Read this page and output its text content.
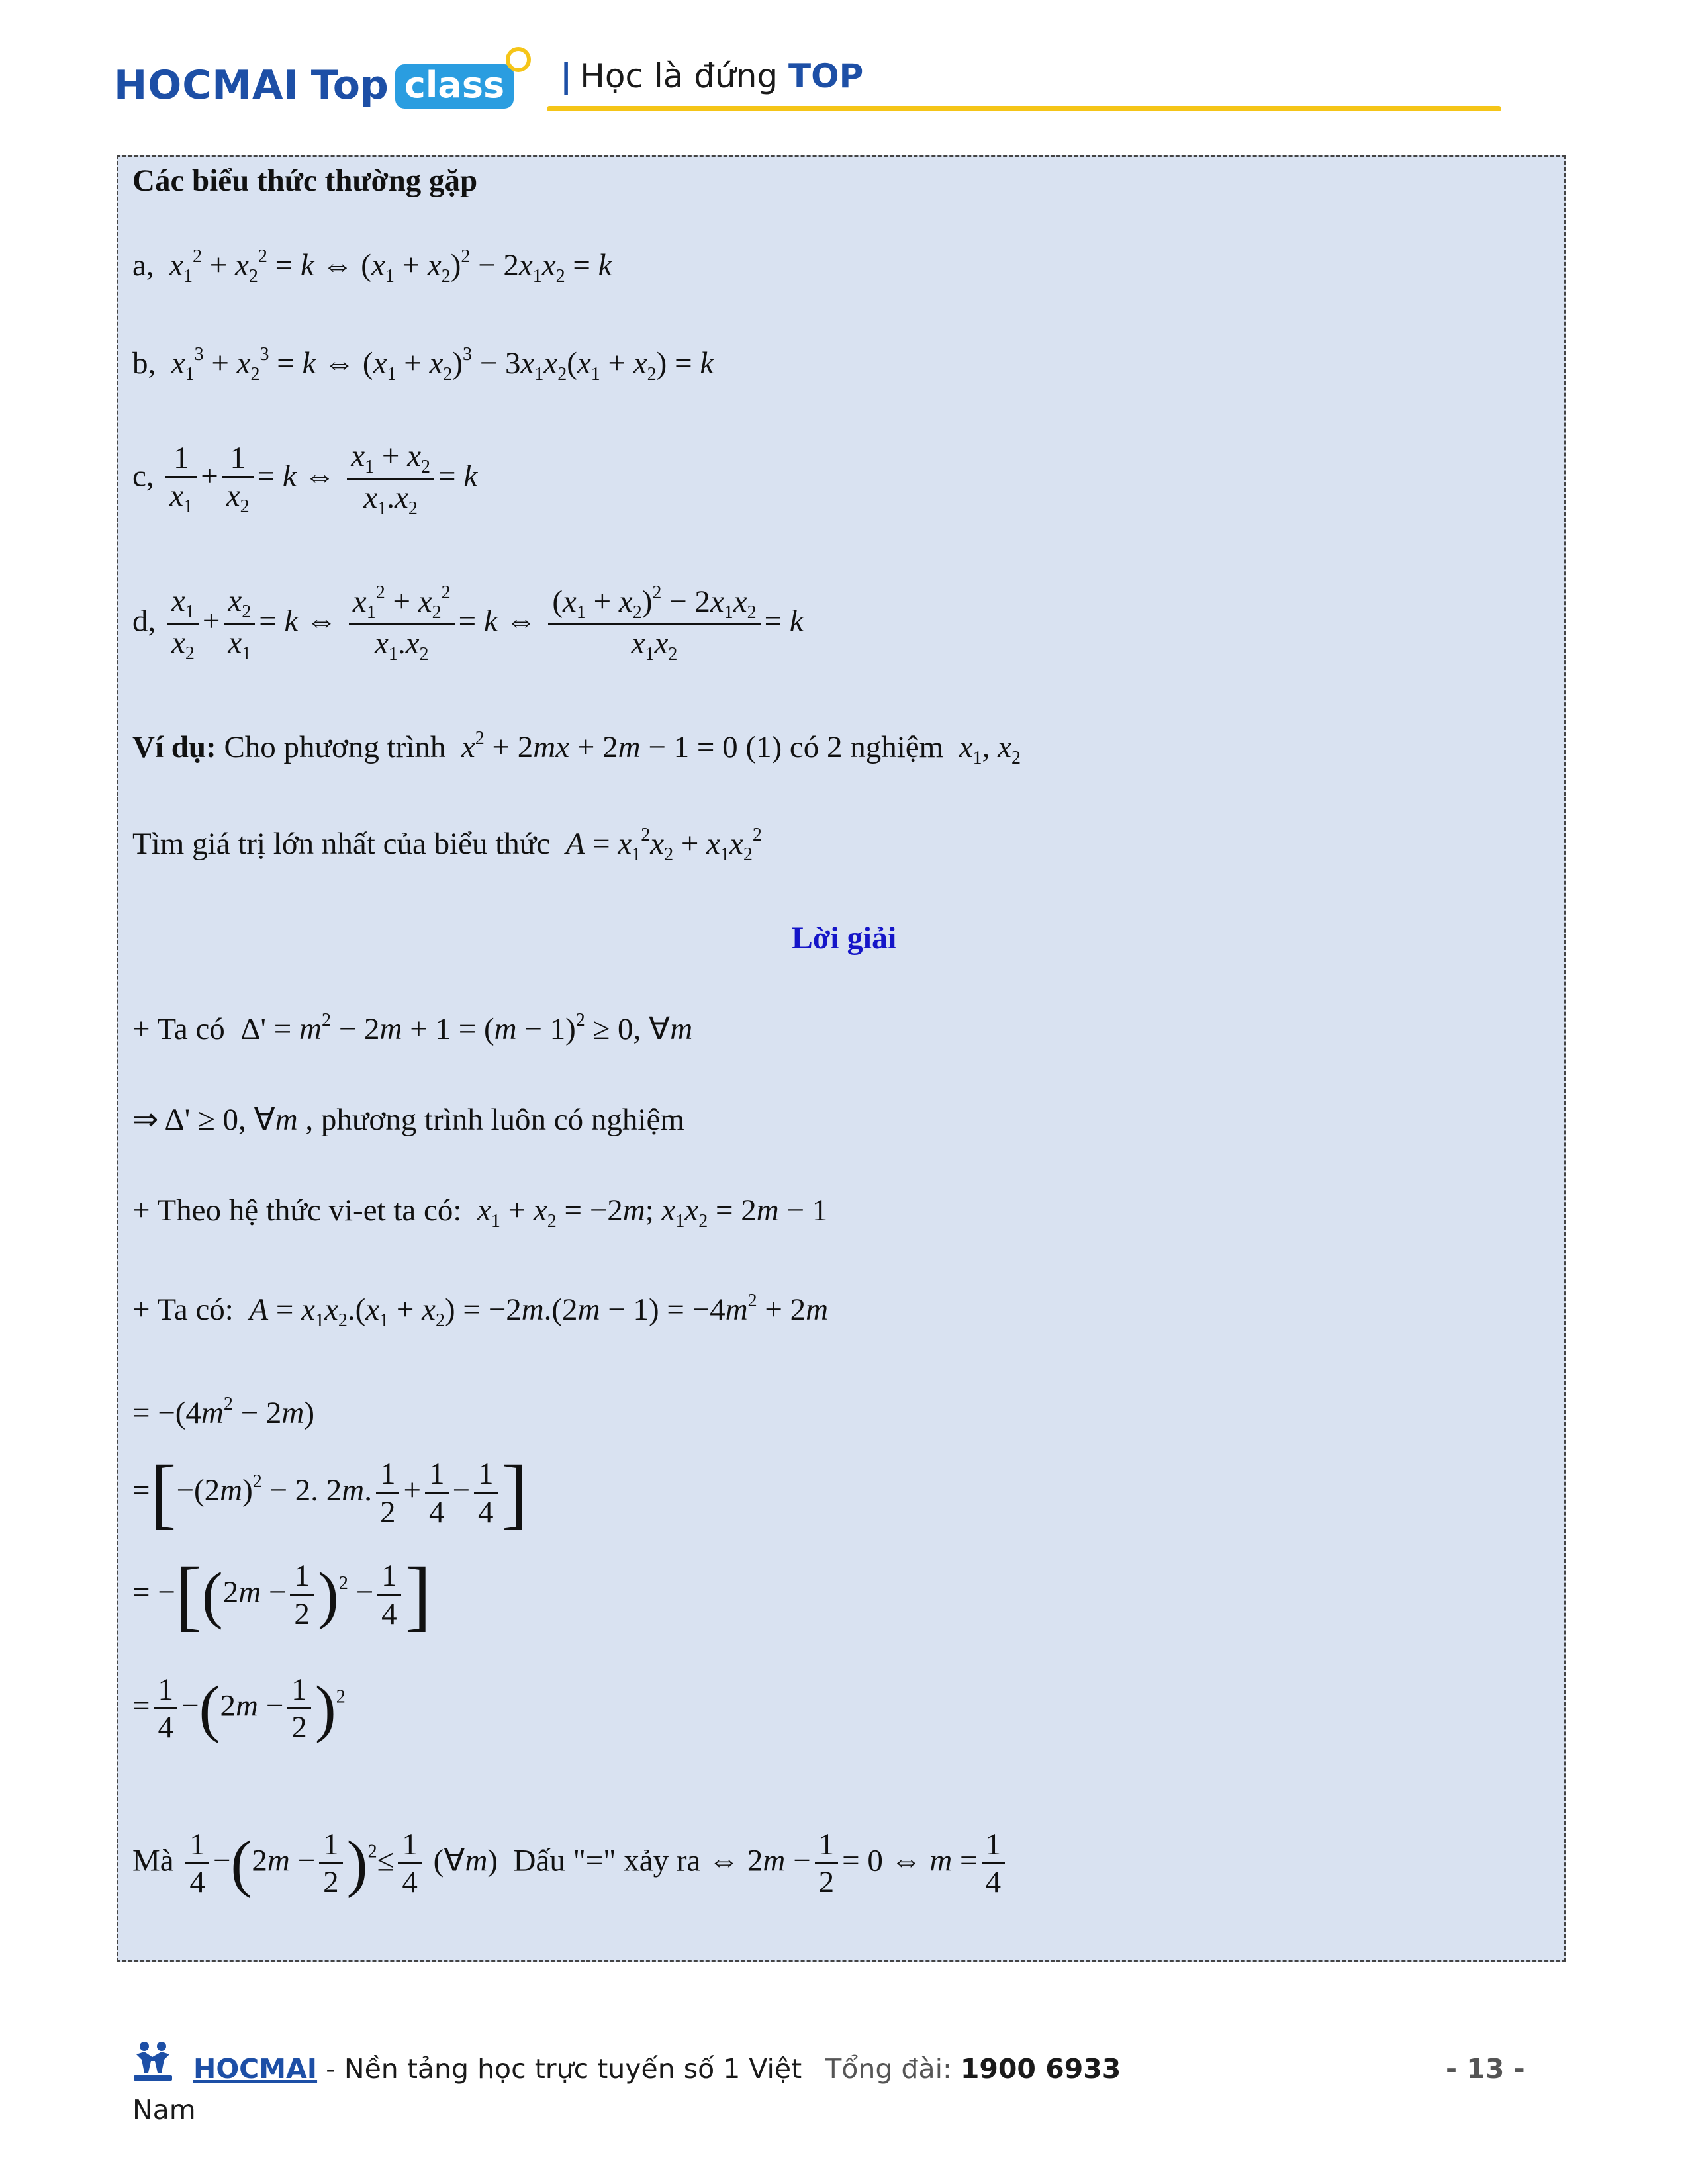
HOCMAI Top class | Học là đứng TOP
Các biểu thức thường gặp
a, $x_1^2 + x_2^2 = k$ ⇔ $(x_1 + x_2)^2 - 2x_1x_2 = k$
b, $x_1^3 + x_2^3 = k$ ⇔ $(x_1 + x_2)^3 - 3x_1x_2(x_1 + x_2) = k$
c, $\frac{1}{x_1} + \frac{1}{x_2} = k$ ⇔ $\frac{x_1 + x_2}{x_1.x_2} = k$
d, $\frac{x_1}{x_2} + \frac{x_2}{x_1} = k$ ⇔ $\frac{x_1^2 + x_2^2}{x_1.x_2} = k$ ⇔ $\frac{(x_1 + x_2)^2 - 2x_1x_2}{x_1x_2} = k$
Ví dụ: Cho phương trình $x^2 + 2mx + 2m - 1 = 0$ (1) có 2 nghiệm $x_1$, $x_2$
Tìm giá trị lớn nhất của biểu thức $A = x_1^2x_2 + x_1x_2^2$
Lời giải
+ Ta có  $\Delta' = m^2 - 2m + 1 = (m - 1)^2 \ge 0$, ∀m
⇒ Δ' ≥ 0, ∀m , phương trình luôn có nghiệm
+ Theo hệ thức vi-et ta có: $x_1 + x_2 = -2m$; $x_1x_2 = 2m - 1$
+ Ta có: $A = x_1x_2.(x_1 + x_2) = -2m.(2m - 1) = -4m^2 + 2m$
= $-(4m^2 - 2m)$
$=[-(2m)^2 - 2$. 2m. $\frac{1}{2} + \frac{1}{4} - \frac{1}{4}$ ]
= $-[(2m - \frac{1}{2} )^2 - \frac{1}{4}$ ]
= $\frac{1}{4} -(2m - \frac{1}{2} )^2$
Mà $\frac{1}{4} -(2m - \frac{1}{2} )^2\le \frac{1}{4}$ (∀m)  Dấu "=" xảy ra ⇔ $2m - \frac{1}{2} = 0$ ⇔ $m = \frac{1}{4}$
HOCMAI - Nền tảng học trực tuyến số 1 Việt Tổng đài: 1900 6933
Nam
- 13 -
